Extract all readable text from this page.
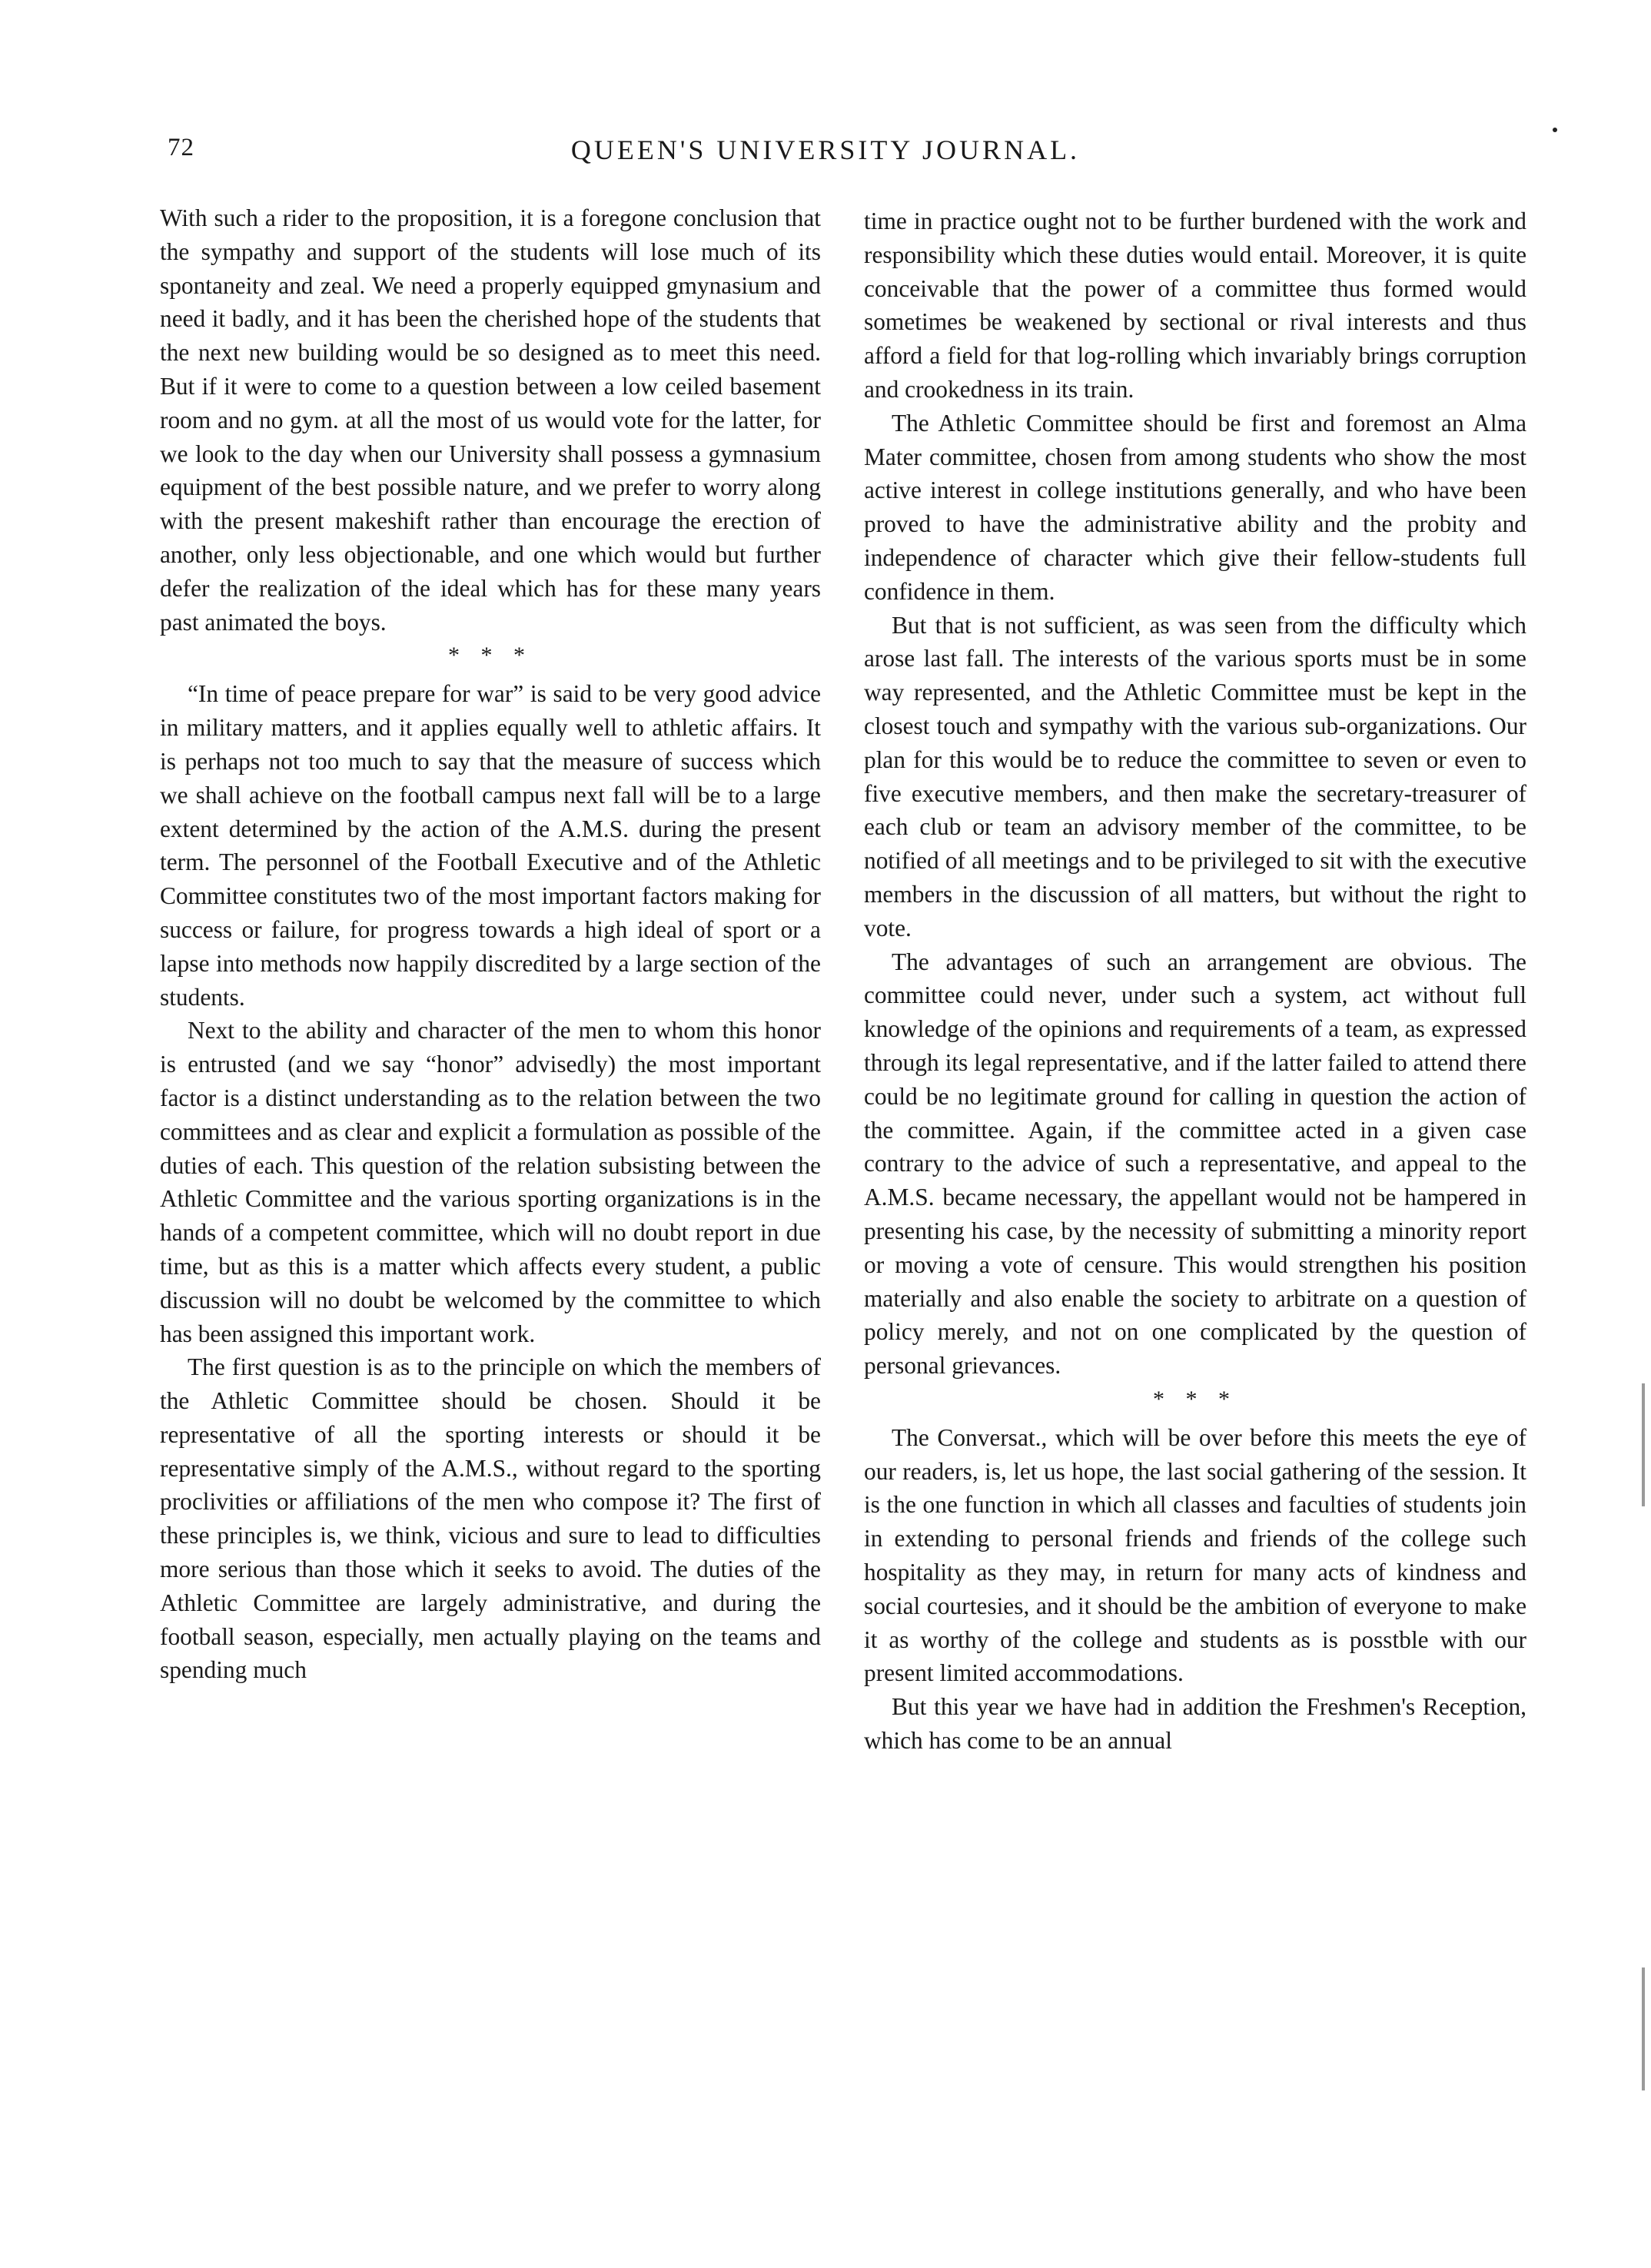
72	QUEEN'S UNIVERSITY JOURNAL.

With such a rider to the proposition, it is a foregone conclusion that the sympathy and support of the students will lose much of its spontaneity and zeal. We need a properly equipped gmynasium and need it badly, and it has been the cherished hope of the students that the next new building would be so designed as to meet this need. But if it were to come to a question between a low ceiled basement room and no gym. at all the most of us would vote for the latter, for we look to the day when our University shall possess a gymnasium equipment of the best possible nature, and we prefer to worry along with the present makeshift rather than encourage the erection of another, only less objectionable, and one which would but further defer the realization of the ideal which has for these many years past animated the boys.

* * *

“In time of peace prepare for war” is said to be very good advice in military matters, and it applies equally well to athletic affairs. It is perhaps not too much to say that the measure of success which we shall achieve on the football campus next fall will be to a large extent determined by the action of the A.M.S. during the present term. The personnel of the Football Executive and of the Athletic Committee constitutes two of the most important factors making for success or failure, for progress towards a high ideal of sport or a lapse into methods now happily discredited by a large section of the students.

Next to the ability and character of the men to whom this honor is entrusted (and we say “honor” advisedly) the most important factor is a distinct understanding as to the relation between the two committees and as clear and explicit a formulation as possible of the duties of each. This question of the relation subsisting between the Athletic Committee and the various sporting organizations is in the hands of a competent committee, which will no doubt report in due time, but as this is a matter which affects every student, a public discussion will no doubt be welcomed by the committee to which has been assigned this important work.

The first question is as to the principle on which the members of the Athletic Committee should be chosen. Should it be representative of all the sporting interests or should it be representative simply of the A.M.S., without regard to the sporting proclivities or affiliations of the men who compose it? The first of these principles is, we think, vicious and sure to lead to difficulties more serious than those which it seeks to avoid. The duties of the Athletic Committee are largely administrative, and during the football season, especially, men actually playing on the teams and spending much

time in practice ought not to be further burdened with the work and responsibility which these duties would entail. Moreover, it is quite conceivable that the power of a committee thus formed would sometimes be weakened by sectional or rival interests and thus afford a field for that log-rolling which invariably brings corruption and crookedness in its train.

The Athletic Committee should be first and foremost an Alma Mater committee, chosen from among students who show the most active interest in college institutions generally, and who have been proved to have the administrative ability and the probity and independence of character which give their fellow-students full confidence in them.

But that is not sufficient, as was seen from the difficulty which arose last fall. The interests of the various sports must be in some way represented, and the Athletic Committee must be kept in the closest touch and sympathy with the various sub-organizations. Our plan for this would be to reduce the committee to seven or even to five executive members, and then make the secretary-treasurer of each club or team an advisory member of the committee, to be notified of all meetings and to be privileged to sit with the executive members in the discussion of all matters, but without the right to vote.

The advantages of such an arrangement are obvious. The committee could never, under such a system, act without full knowledge of the opinions and requirements of a team, as expressed through its legal representative, and if the latter failed to attend there could be no legitimate ground for calling in question the action of the committee. Again, if the committee acted in a given case contrary to the advice of such a representative, and appeal to the A.M.S. became necessary, the appellant would not be hampered in presenting his case, by the necessity of submitting a minority report or moving a vote of censure. This would strengthen his position materially and also enable the society to arbitrate on a question of policy merely, and not on one complicated by the question of personal grievances.

* * *

The Conversat., which will be over before this meets the eye of our readers, is, let us hope, the last social gathering of the session. It is the one function in which all classes and faculties of students join in extending to personal friends and friends of the college such hospitality as they may, in return for many acts of kindness and social courtesies, and it should be the ambition of everyone to make it as worthy of the college and students as is posstble with our present limited accommodations.

But this year we have had in addition the Freshmen's Reception, which has come to be an annual
